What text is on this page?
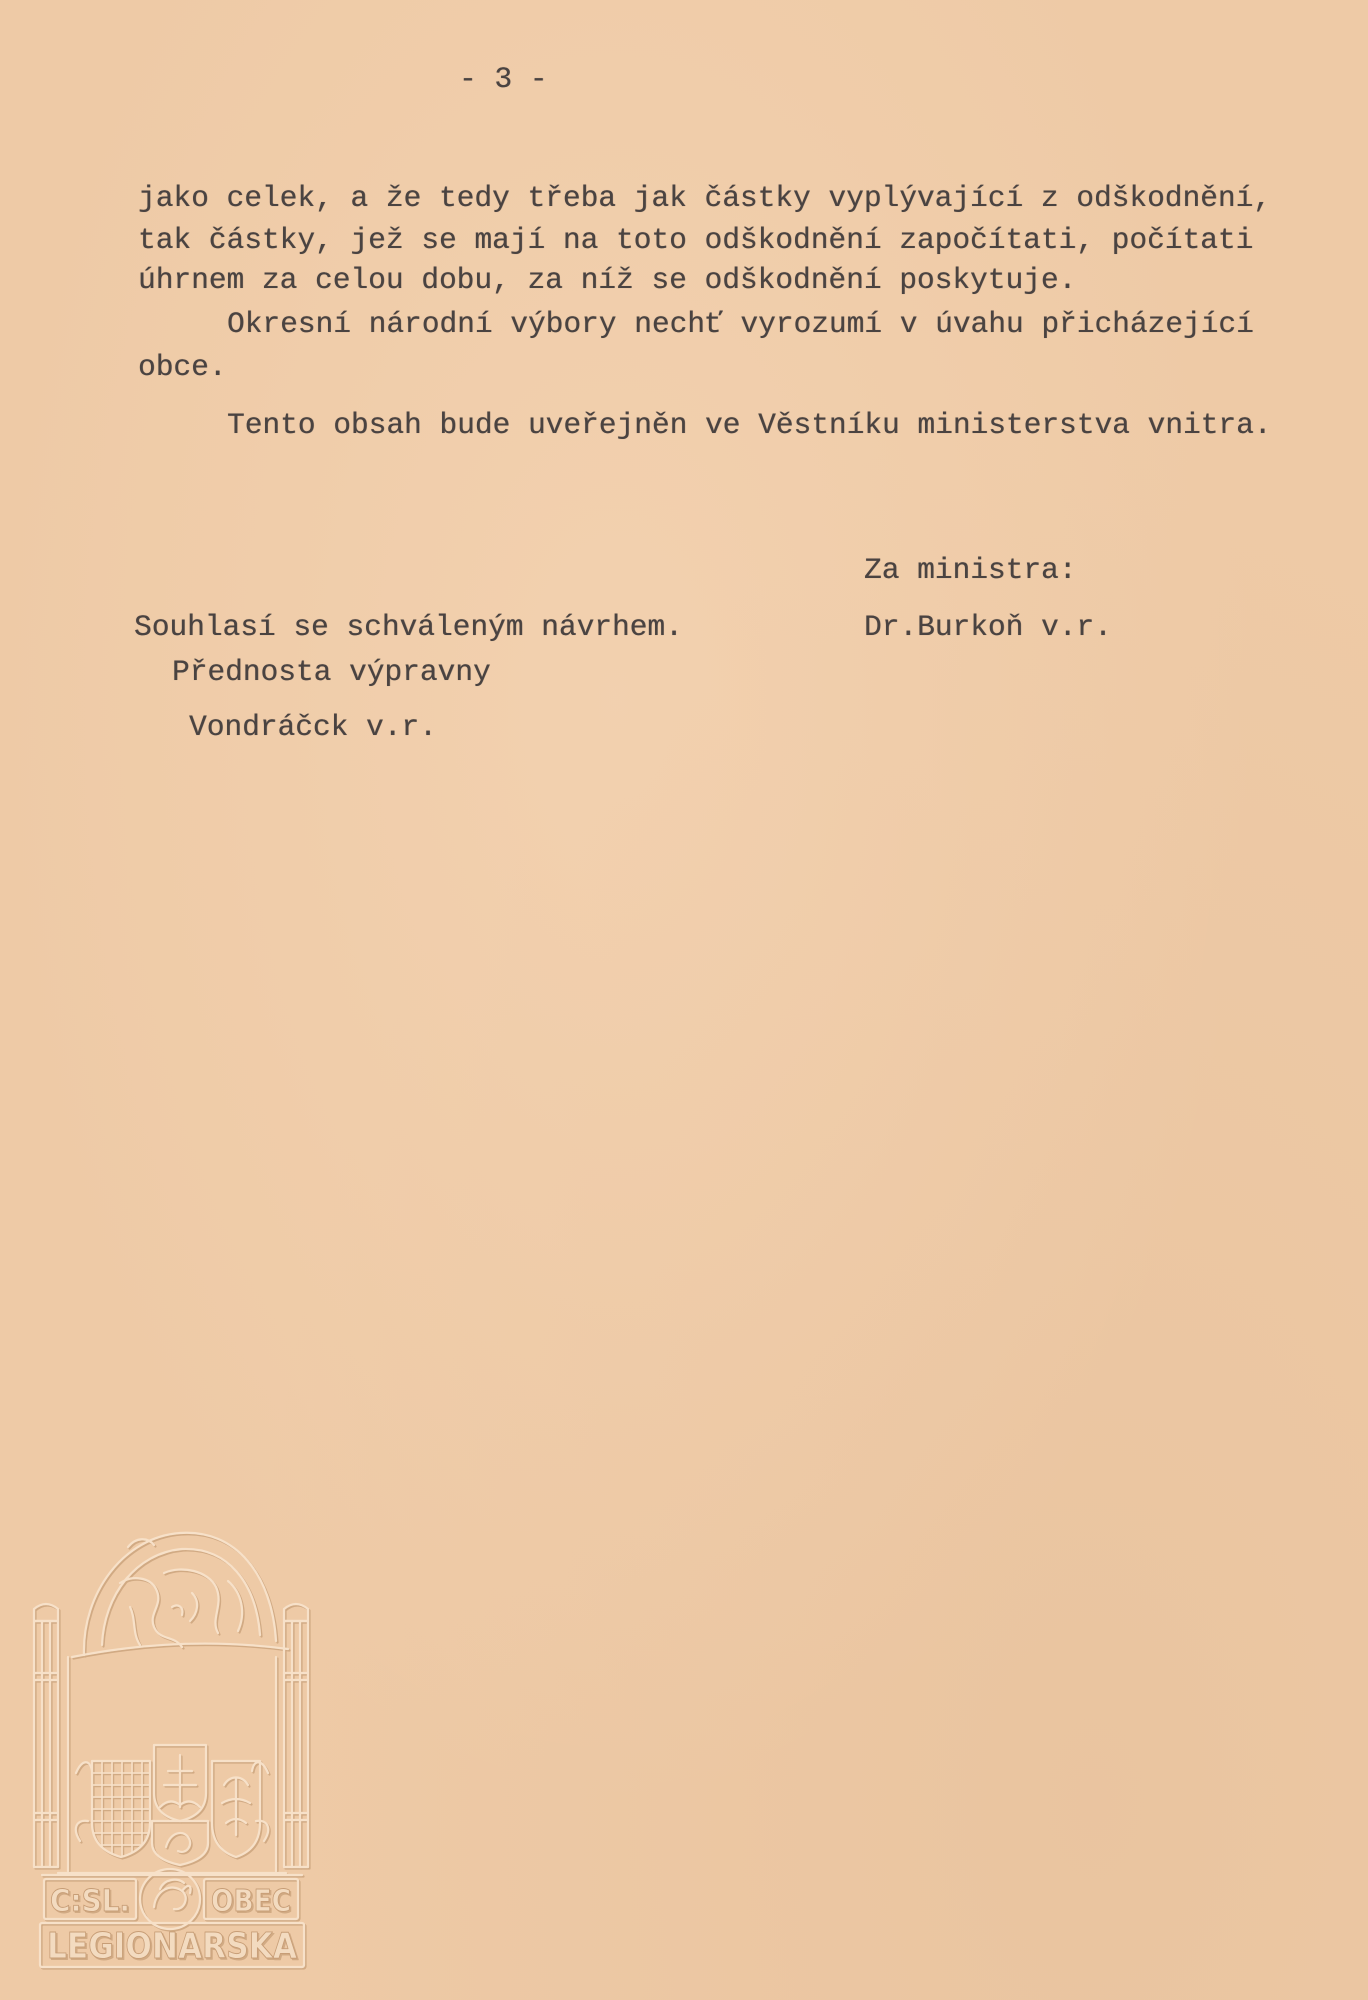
- 3 -
jako celek, a že tedy třeba jak částky vyplývající z odškodnění,
tak částky, jež se mají na toto odškodnění započítati, počítati
úhrnem za celou dobu, za níž se odškodnění poskytuje.
Okresní národní výbory nechť vyrozumí v úvahu přicházející
obce.
Tento obsah bude uveřejněn ve Věstníku ministerstva vnitra.
Za ministra:
Dr.Burkoň v.r.
Souhlasí se schváleným návrhem.
Přednosta výpravny
Vondráčck v.r.
C:SL.	OBEC
LEGIONARSKA
